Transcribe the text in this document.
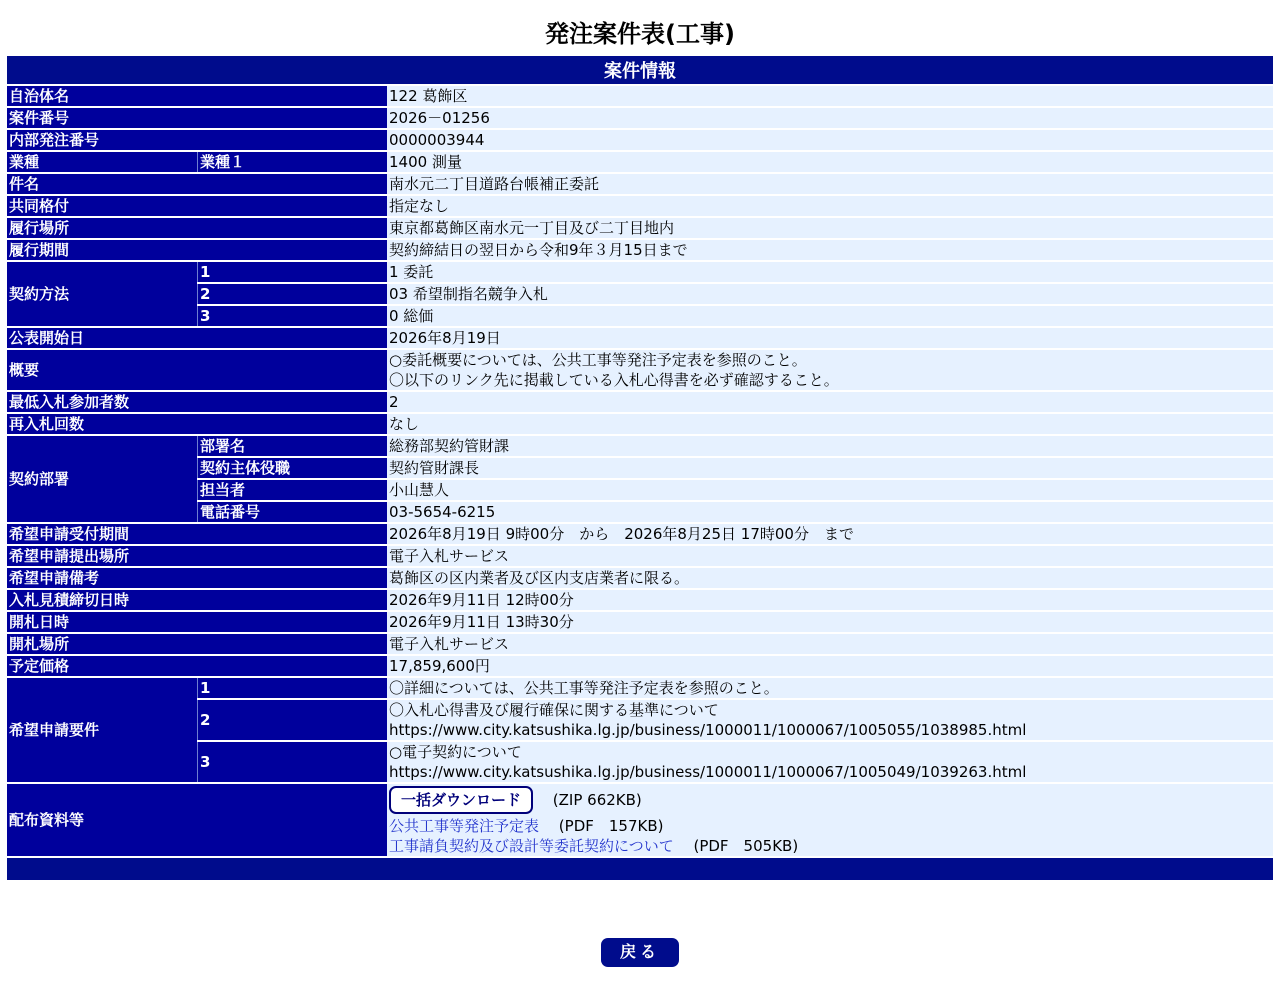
発注案件表(工事)
案件情報		
自治体名		122 葛飾区
案件番号		2026－01256
内部発注番号		0000003944
業種	業種１	1400 測量
件名		南水元二丁目道路台帳補正委託
共同格付		指定なし
履行場所		東京都葛飾区南水元一丁目及び二丁目地内
履行期間		契約締結日の翌日から令和9年３月15日まで
契約方法	1	1 委託
	2	03 希望制指名競争入札
	3	0 総価
公表開始日		2026年8月19日
概要		○委託概要については、公共工事等発注予定表を参照のこと。
〇以下のリンク先に掲載している入札心得書を必ず確認すること。

最低入札参加者数		2
再入札回数		なし
契約部署	部署名	総務部契約管財課
	契約主体役職	契約管財課長
	担当者	小山慧人
	電話番号	03-5654-6215
希望申請受付期間		2026年8月19日 9時00分　から　2026年8月25日 17時00分　まで
希望申請提出場所		電子入札サービス
希望申請備考		葛飾区の区内業者及び区内支店業者に限る。
入札見積締切日時		2026年9月11日 12時00分
開札日時		2026年9月11日 13時30分
開札場所		電子入札サービス
予定価格		17,859,600円
希望申請要件	1	〇詳細については、公共工事等発注予定表を参照のこと。

	2	〇入札心得書及び履行確保に関する基準について
https://www.city.katsushika.lg.jp/business/1000011/1000067/1005055/1038985.html

	3	○電子契約について
https://www.city.katsushika.lg.jp/business/1000011/1000067/1005049/1039263.html

配布資料等		一括ダウンロード 　(ZIP 662KB)
公共工事等発注予定表 　(PDF　157KB)
工事請負契約及び設計等委託契約について 　(PDF　505KB)

戻る
